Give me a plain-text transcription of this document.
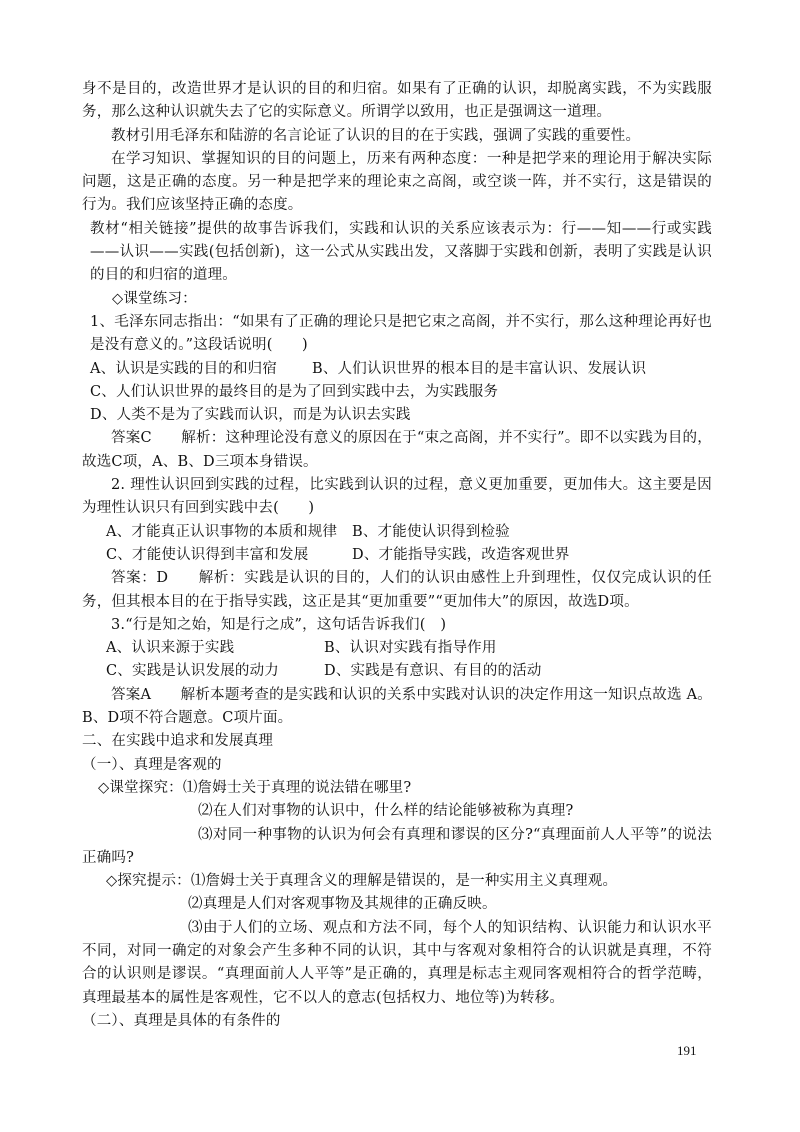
身不是目的，改造世界才是认识的目的和归宿。如果有了正确的认识，却脱离实践，不为实践服务，那么这种认识就失去了它的实际意义。所谓学以致用，也正是强调这一道理。

教材引用毛泽东和陆游的名言论证了认识的目的在于实践，强调了实践的重要性。

在学习知识、掌握知识的目的问题上，历来有两种态度：一种是把学来的理论用于解决实际问题，这是正确的态度。另一种是把学来的理论束之高阁，或空谈一阵，并不实行，这是错误的行为。我们应该坚持正确的态度。

教材“相关链接”提供的故事告诉我们，实践和认识的关系应该表示为：行——知——行或实践——认识——实践(包括创新)，这一公式从实践出发，又落脚于实践和创新，表明了实践是认识的目的和归宿的道理。

◇课堂练习：

1、毛泽东同志指出：“如果有了正确的理论只是把它束之高阁，并不实行，那么这种理论再好也是没有意义的。”这段话说明(　　)

A、认识是实践的目的和归宿	B、人们认识世界的根本目的是丰富认识、发展认识

C、人们认识世界的最终目的是为了回到实践中去，为实践服务

D、人类不是为了实践而认识，而是为认识去实践

答案C　　解析：这种理论没有意义的原因在于“束之高阁，并不实行”。即不以实践为目的，故选C项，A、B、D三项本身错误。

2. 理性认识回到实践的过程，比实践到认识的过程，意义更加重要，更加伟大。这主要是因为理性认识只有回到实践中去(　　)

A、才能真正认识事物的本质和规律	B、才能使认识得到检验
C、才能使认识得到丰富和发展	D、才能指导实践，改造客观世界

答案：D　　解析：实践是认识的目的，人们的认识由感性上升到理性，仅仅完成认识的任务，但其根本目的在于指导实践，这正是其“更加重要”“更加伟大”的原因，故选D项。

3.“行是知之始，知是行之成”，这句话告诉我们(　)

A、认识来源于实践	B、认识对实践有指导作用
C、实践是认识发展的动力	D、实践是有意识、有目的的活动

答案A　　解析本题考查的是实践和认识的关系中实践对认识的决定作用这一知识点故选 A。B、D项不符合题意。C项片面。

二、在实践中追求和发展真理

（一）、真理是客观的

◇课堂探究：⑴詹姆士关于真理的说法错在哪里?

⑵在人们对事物的认识中，什么样的结论能够被称为真理?

⑶对同一种事物的认识为何会有真理和谬误的区分?“真理面前人人平等”的说法正确吗?

◇探究提示：⑴詹姆士关于真理含义的理解是错误的，是一种实用主义真理观。

⑵真理是人们对客观事物及其规律的正确反映。

⑶由于人们的立场、观点和方法不同，每个人的知识结构、认识能力和认识水平不同，对同一确定的对象会产生多种不同的认识，其中与客观对象相符合的认识就是真理，不符合的认识则是谬误。“真理面前人人平等”是正确的，真理是标志主观同客观相符合的哲学范畴，真理最基本的属性是客观性，它不以人的意志(包括权力、地位等)为转移。

（二）、真理是具体的有条件的

191
